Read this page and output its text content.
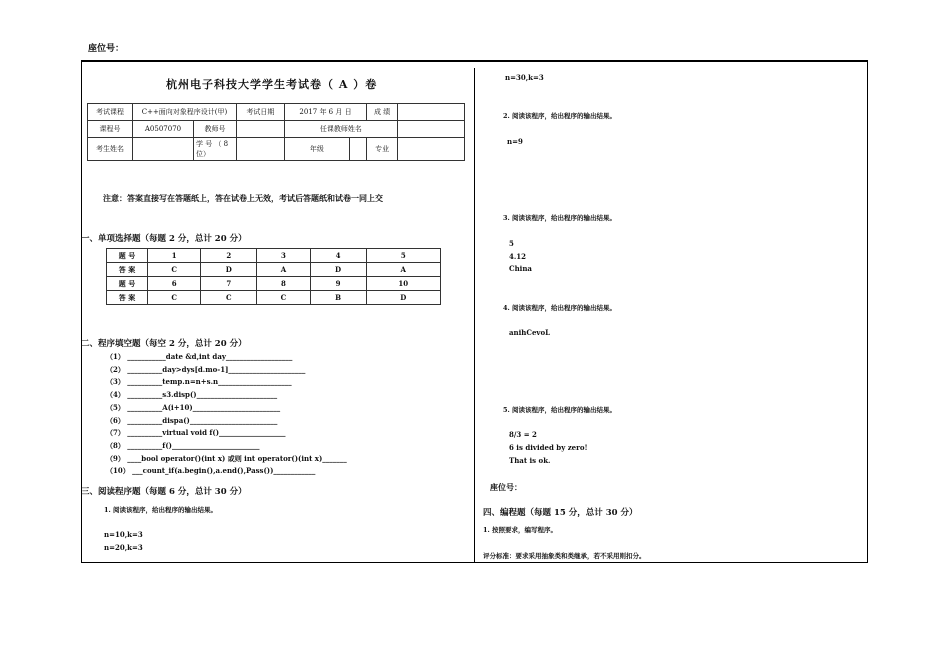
座位号：
杭州电子科技大学学生考试卷（ A ）卷
考试课程	C++面向对象程序设计(甲)		考试日期	2017 年 6 月 日		成 绩	
课程号	A0507070	教师号		任课教师姓名			
考生姓名		学 号 （ 8 位）		年级		专业	
注意：答案直接写在答题纸上，答在试卷上无效，考试后答题纸和试卷一同上交
一、单项选择题（每题 2 分，总计 20 分）
题 号	1	2	3	4	5
答 案	C	D	A	D	A
题 号	6	7	8	9	10
答 案	C	C	C	B	D
二、程序填空题（每空 2 分，总计 20 分）
（1） ___________date &d,int day___________________
（2） __________day>dys[d.mo-1]______________________
（3） __________temp.n=n+s.n_____________________
（4） __________s3.disp()_______________________
（5） __________A(i+10)_________________________
（6） __________dispa()_________________________
（7） __________virtual void f()___________________
（8） __________f()_________________________
（9） ____bool operator()(int x) 或则 int operator()(int x)_______
（10） ___count_if(a.begin(),a.end(),Pass())____________
三、阅读程序题（每题 6 分，总计 30 分）
1. 阅读该程序，给出程序的输出结果。
n=10,k=3
n=20,k=3
n=30,k=3
2. 阅读该程序，给出程序的输出结果。
n=9
3. 阅读该程序，给出程序的输出结果。
5
4.12
China
4. 阅读该程序，给出程序的输出结果。
anihCevoL
5. 阅读该程序，给出程序的输出结果。
8/3 = 2
6 is divided by zero!
That is ok.
座位号：
四、编程题（每题 15 分，总计 30 分）
1. 按照要求，编写程序。
评分标准：要求采用抽象类和类继承，若不采用则扣分。
